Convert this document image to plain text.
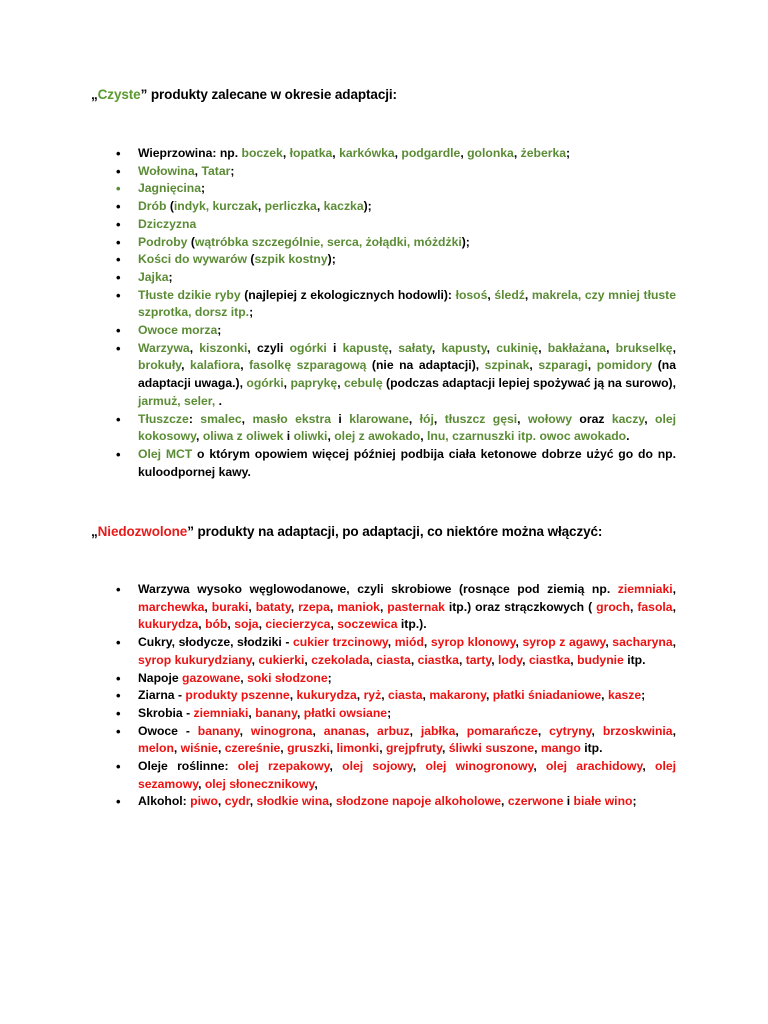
„Czyste” produkty zalecane w okresie adaptacji:
• Wieprzowina: np. boczek, łopatka, karkówka, podgardle, golonka, żeberka;
• Wołowina, Tatar;
• Jagnięcina;
• Drób (indyk, kurczak, perliczka, kaczka);
• Dziczyzna
• Podroby (wątróbka szczególnie, serca, żołądki, móżdżki);
• Kości do wywarów (szpik kostny);
• Jajka;
• Tłuste dzikie ryby (najlepiej z ekologicznych hodowli): łosoś, śledź, makrela, czy mniej tłuste szprotka, dorsz itp.;
• Owoce morza;
• Warzywa, kiszonki, czyli ogórki i kapustę, sałaty, kapusty, cukinię, bakłażana, brukselkę, brokuły, kalafiora, fasolkę szparagową (nie na adaptacji), szpinak, szparagi, pomidory (na adaptacji uwaga.), ogórki, paprykę, cebulę (podczas adaptacji lepiej spożywać ją na surowo), jarmuż, seler, .
• Tłuszcze: smalec, masło ekstra i klarowane, łój, tłuszcz gęsi, wołowy oraz kaczy, olej kokosowy, oliwa z oliwek i oliwki, olej z awokado, lnu, czarnuszki itp. owoc awokado.
• Olej MCT o którym opowiem więcej później podbija ciała ketonowe dobrze użyć go do np. kuloodpornej kawy.
„Niedozwolone” produkty na adaptacji, po adaptacji, co niektóre można włączyć:
• Warzywa wysoko węglowodanowe, czyli skrobiowe (rosnące pod ziemią np. ziemniaki, marchewka, buraki, bataty, rzepa, maniok, pasternak itp.) oraz strączkowych ( groch, fasola, kukurydza, bób, soja, ciecierzyca, soczewica itp.).
• Cukry, słodycze, słodziki - cukier trzcinowy, miód, syrop klonowy, syrop z agawy, sacharyna, syrop kukurydziany, cukierki, czekolada, ciasta, ciastka, tarty, lody, ciastka, budynie itp.
• Napoje gazowane, soki słodzone;
• Ziarna - produkty pszenne, kukurydza, ryż, ciasta, makarony, płatki śniadaniowe, kasze;
• Skrobia - ziemniaki, banany, płatki owsiane;
• Owoce - banany, winogrona, ananas, arbuz, jabłka, pomarańcze, cytryny, brzoskwinia, melon, wiśnie, czereśnie, gruszki, limonki, grejpfruty, śliwki suszone, mango itp.
• Oleje roślinne: olej rzepakowy, olej sojowy, olej winogronowy, olej arachidowy, olej sezamowy, olej słonecznikowy,
• Alkohol: piwo, cydr, słodkie wina, słodzone napoje alkoholowe, czerwone i białe wino;
